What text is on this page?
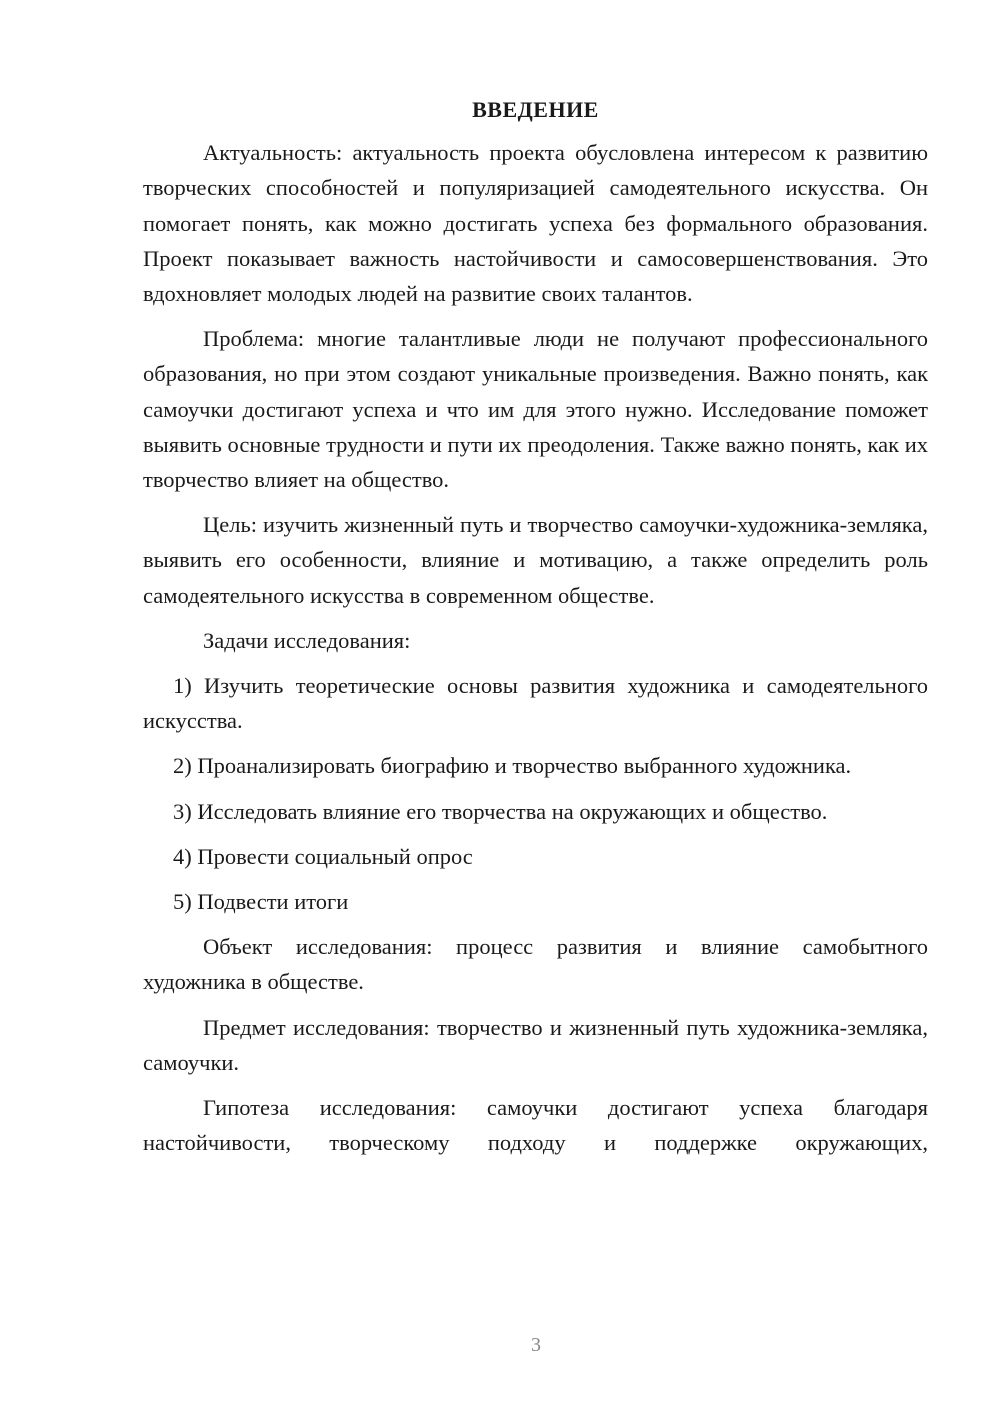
ВВЕДЕНИЕ

Актуальность: актуальность проекта обусловлена интересом к развитию творческих способностей и популяризацией самодеятельного искусства. Он помогает понять, как можно достигать успеха без формального образования. Проект показывает важность настойчивости и самосовершенствования. Это вдохновляет молодых людей на развитие своих талантов.

Проблема: многие талантливые люди не получают профессионального образования, но при этом создают уникальные произведения. Важно понять, как самоучки достигают успеха и что им для этого нужно. Исследование поможет выявить основные трудности и пути их преодоления. Также важно понять, как их творчество влияет на общество.

Цель: изучить жизненный путь и творчество самоучки-художника-земляка, выявить его особенности, влияние и мотивацию, а также определить роль самодеятельного искусства в современном обществе.

Задачи исследования:

1) Изучить теоретические основы развития художника и самодеятельного искусства.

2) Проанализировать биографию и творчество выбранного художника.

3) Исследовать влияние его творчества на окружающих и общество.

4) Провести социальный опрос

5) Подвести итоги

Объект исследования: процесс развития и влияние самобытного художника в обществе.

Предмет исследования: творчество и жизненный путь художника-земляка, самоучки.

Гипотеза исследования: самоучки достигают успеха благодаря настойчивости, творческому подходу и поддержке окружающих,

3
